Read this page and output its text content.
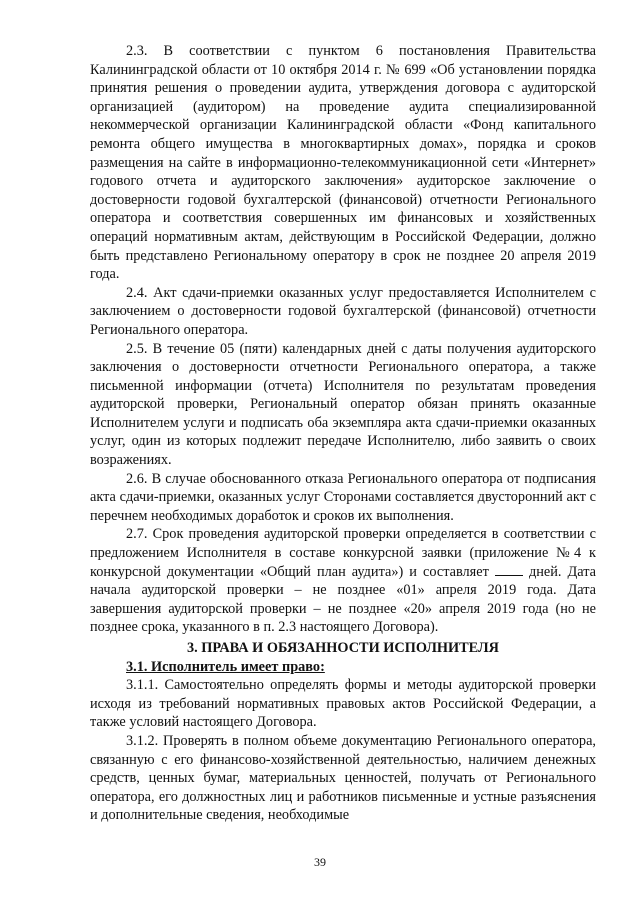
2.3. В соответствии с пунктом 6 постановления Правительства Калининградской области от 10 октября 2014 г. № 699 «Об установлении порядка принятия решения о проведении аудита, утверждения договора с аудиторской организацией (аудитором) на проведение аудита специализированной некоммерческой организации Калининградской области «Фонд капитального ремонта общего имущества в многоквартирных домах», порядка и сроков размещения на сайте в информационно-телекоммуникационной сети «Интернет» годового отчета и аудиторского заключения» аудиторское заключение о достоверности годовой бухгалтерской (финансовой) отчетности Регионального оператора и соответствия совершенных им финансовых и хозяйственных операций нормативным актам, действующим в Российской Федерации, должно быть представлено Региональному оператору в срок не позднее 20 апреля 2019 года.

2.4. Акт сдачи-приемки оказанных услуг предоставляется Исполнителем с заключением о достоверности годовой бухгалтерской (финансовой) отчетности Регионального оператора.

2.5. В течение 05 (пяти) календарных дней с даты получения аудиторского заключения о достоверности отчетности Регионального оператора, а также письменной информации (отчета) Исполнителя по результатам проведения аудиторской проверки, Региональный оператор обязан принять оказанные Исполнителем услуги и подписать оба экземпляра акта сдачи-приемки оказанных услуг, один из которых подлежит передаче Исполнителю, либо заявить о своих возражениях.

2.6. В случае обоснованного отказа Регионального оператора от подписания акта сдачи-приемки, оказанных услуг Сторонами составляется двусторонний акт с перечнем необходимых доработок и сроков их выполнения.

2.7. Срок проведения аудиторской проверки определяется в соответствии с предложением Исполнителя в составе конкурсной заявки (приложение №4 к конкурсной документации «Общий план аудита») и составляет	дней. Дата начала аудиторской проверки – не позднее «01» апреля 2019 года. Дата завершения аудиторской проверки – не позднее «20» апреля 2019 года (но не позднее срока, указанного в п. 2.3 настоящего Договора).

3. ПРАВА И ОБЯЗАННОСТИ ИСПОЛНИТЕЛЯ

3.1. Исполнитель имеет право:

3.1.1. Самостоятельно определять формы и методы аудиторской проверки исходя из требований нормативных правовых актов Российской Федерации, а также условий настоящего Договора.

3.1.2. Проверять в полном объеме документацию Регионального оператора, связанную с его финансово-хозяйственной деятельностью, наличием денежных средств, ценных бумаг, материальных ценностей, получать от Регионального оператора, его должностных лиц и работников письменные и устные разъяснения и дополнительные сведения, необходимые

39
